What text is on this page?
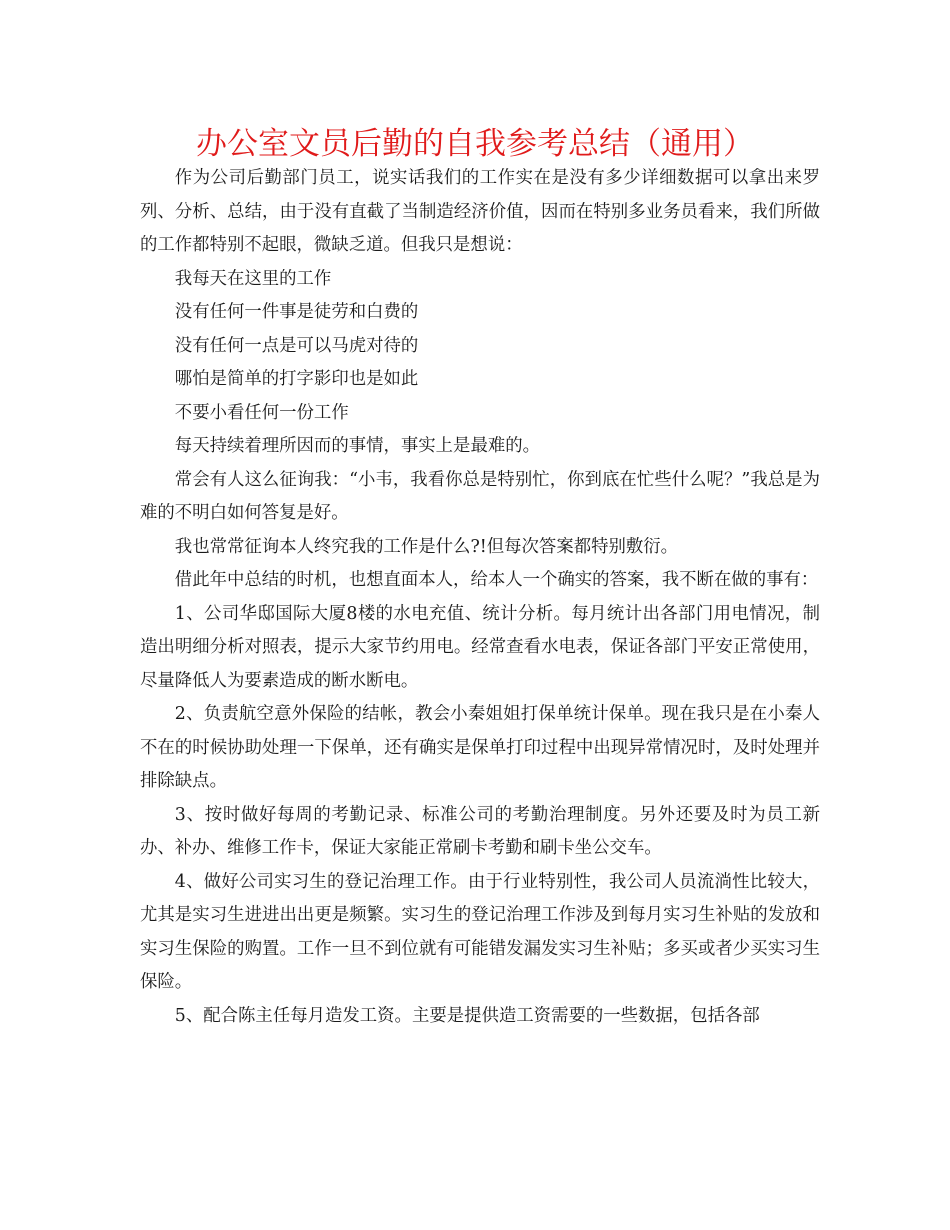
办公室文员后勤的自我参考总结（通用）

作为公司后勤部门员工，说实话我们的工作实在是没有多少详细数据可以拿出来罗列、分析、总结，由于没有直截了当制造经济价值，因而在特别多业务员看来，我们所做的工作都特别不起眼，微缺乏道。但我只是想说：

我每天在这里的工作

没有任何一件事是徒劳和白费的

没有任何一点是可以马虎对待的

哪怕是简单的打字影印也是如此

不要小看任何一份工作

每天持续着理所因而的事情，事实上是最难的。

常会有人这么征询我：“小韦，我看你总是特别忙，你到底在忙些什么呢？”我总是为难的不明白如何答复是好。

我也常常征询本人终究我的工作是什么?!但每次答案都特别敷衍。

借此年中总结的时机，也想直面本人，给本人一个确实的答案，我不断在做的事有：

1、公司华邸国际大厦8楼的水电充值、统计分析。每月统计出各部门用电情况，制造出明细分析对照表，提示大家节约用电。经常查看水电表，保证各部门平安正常使用，尽量降低人为要素造成的断水断电。

2、负责航空意外保险的结帐，教会小秦姐姐打保单统计保单。现在我只是在小秦人不在的时候协助处理一下保单，还有确实是保单打印过程中出现异常情况时，及时处理并排除缺点。

3、按时做好每周的考勤记录、标准公司的考勤治理制度。另外还要及时为员工新办、补办、维修工作卡，保证大家能正常刷卡考勤和刷卡坐公交车。

4、做好公司实习生的登记治理工作。由于行业特别性，我公司人员流淌性比较大，尤其是实习生进进出出更是频繁。实习生的登记治理工作涉及到每月实习生补贴的发放和实习生保险的购置。工作一旦不到位就有可能错发漏发实习生补贴；多买或者少买实习生保险。

5、配合陈主任每月造发工资。主要是提供造工资需要的一些数据，包括各部
